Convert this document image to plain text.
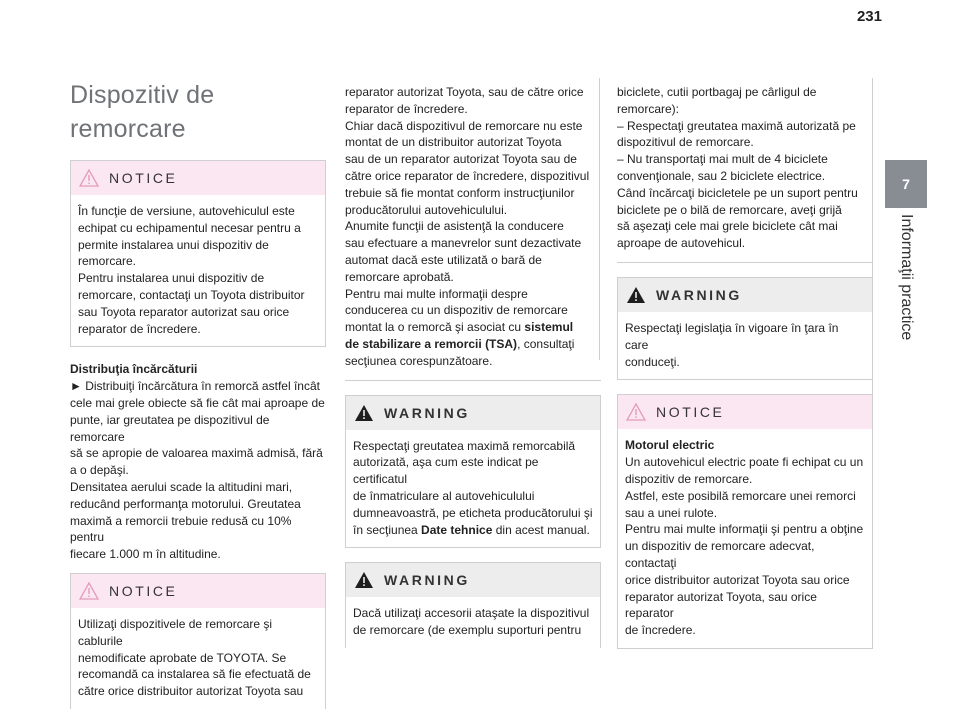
231
7
Informaţii practice
Dispozitiv de remorcare
NOTICE

În funcţie de versiune, autovehiculul este
echipat cu echipamentul necesar pentru a
permite instalarea unui dispozitiv de
remorcare.
Pentru instalarea unui dispozitiv de
remorcare, contactaţi un Toyota distribuitor
sau Toyota reparator autorizat sau orice
reparator de încredere.

Distribuţia încărcăturii
► Distribuiţi încărcătura în remorcă astfel încât
cele mai grele obiecte să fie cât mai aproape de
punte, iar greutatea pe dispozitivul de remorcare
să se apropie de valoarea maximă admisă, fără
a o depăşi.
Densitatea aerului scade la altitudini mari,
reducând performanţa motorului. Greutatea
maximă a remorcii trebuie redusă cu 10% pentru
fiecare 1.000 m în altitudine.

NOTICE

Utilizaţi dispozitivele de remorcare şi cablurile
nemodificate aprobate de TOYOTA. Se
recomandă ca instalarea să fie efectuată de
către orice distribuitor autorizat Toyota sau

reparator autorizat Toyota, sau de către orice
reparator de încredere.
Chiar dacă dispozitivul de remorcare nu este
montat de un distribuitor autorizat Toyota
sau de un reparator autorizat Toyota sau de
către orice reparator de încredere, dispozitivul
trebuie să fie montat conform instrucţiunilor
producătorului autovehiculului.
Anumite funcţii de asistenţă la conducere
sau efectuare a manevrelor sunt dezactivate
automat dacă este utilizată o bară de
remorcare aprobată.
Pentru mai multe informaţii despre
conducerea cu un dispozitiv de remorcare
montat la o remorcă şi asociat cu sistemul
de stabilizare a remorcii (TSA), consultaţi
secţiunea corespunzătoare.

WARNING

Respectaţi greutatea maximă remorcabilă
autorizată, aşa cum este indicat pe certificatul
de înmatriculare al autovehiculului
dumneavoastră, pe eticheta producătorului şi
în secţiunea Date tehnice din acest manual.

WARNING

Dacă utilizaţi accesorii ataşate la dispozitivul
de remorcare (de exemplu suporturi pentru

biciclete, cutii portbagaj pe cârligul de
remorcare):
– Respectaţi greutatea maximă autorizată pe
dispozitivul de remorcare.
– Nu transportaţi mai mult de 4 biciclete
convenţionale, sau 2 biciclete electrice.
Când încărcaţi bicicletele pe un suport pentru
biciclete pe o bilă de remorcare, aveţi grijă
să aşezaţi cele mai grele biciclete cât mai
aproape de autovehicul.

WARNING

Respectaţi legislaţia în vigoare în ţara în care
conduceţi.

NOTICE

Motorul electric
Un autovehicul electric poate fi echipat cu un
dispozitiv de remorcare.
Astfel, este posibilă remorcare unei remorci
sau a unei rulote.
Pentru mai multe informaţii şi pentru a obţine
un dispozitiv de remorcare adecvat, contactaţi
orice distribuitor autorizat Toyota sau orice
reparator autorizat Toyota, sau orice reparator
de încredere.
